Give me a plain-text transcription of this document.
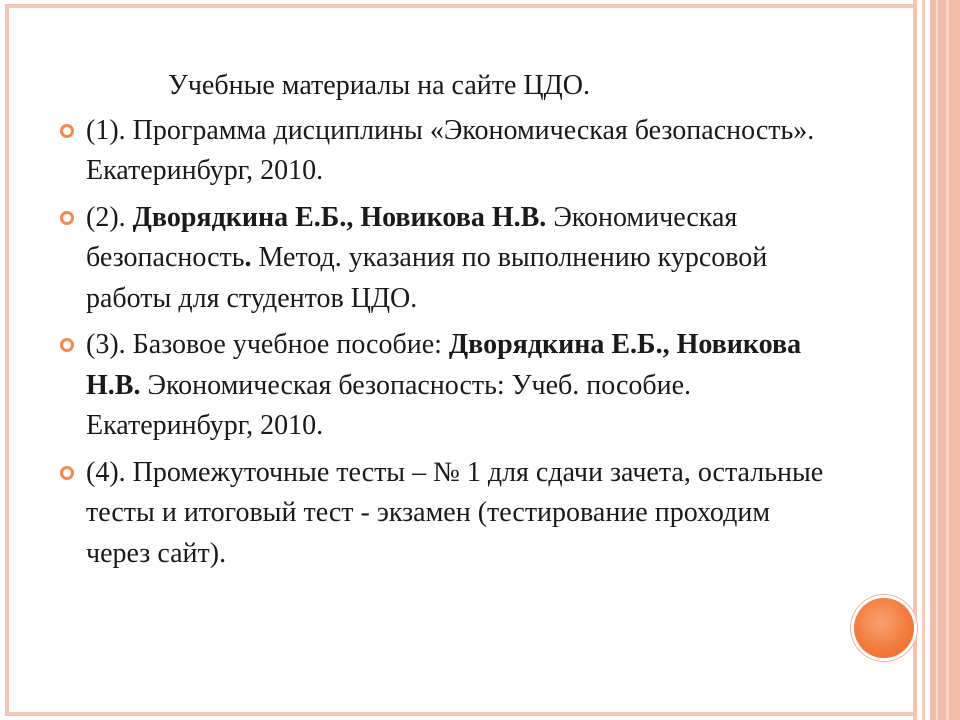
Учебные материалы на сайте ЦДО.
(1). Программа дисциплины «Экономическая безопасность». Екатеринбург, 2010.
(2). Дворядкина Е.Б., Новикова Н.В. Экономическая безопасность. Метод. указания по выполнению курсовой работы для студентов ЦДО.
(3). Базовое учебное пособие: Дворядкина Е.Б., Новикова Н.В. Экономическая безопасность: Учеб. пособие. Екатеринбург, 2010.
(4). Промежуточные тесты – № 1 для сдачи зачета, остальные тесты и итоговый тест - экзамен (тестирование проходим через сайт).
